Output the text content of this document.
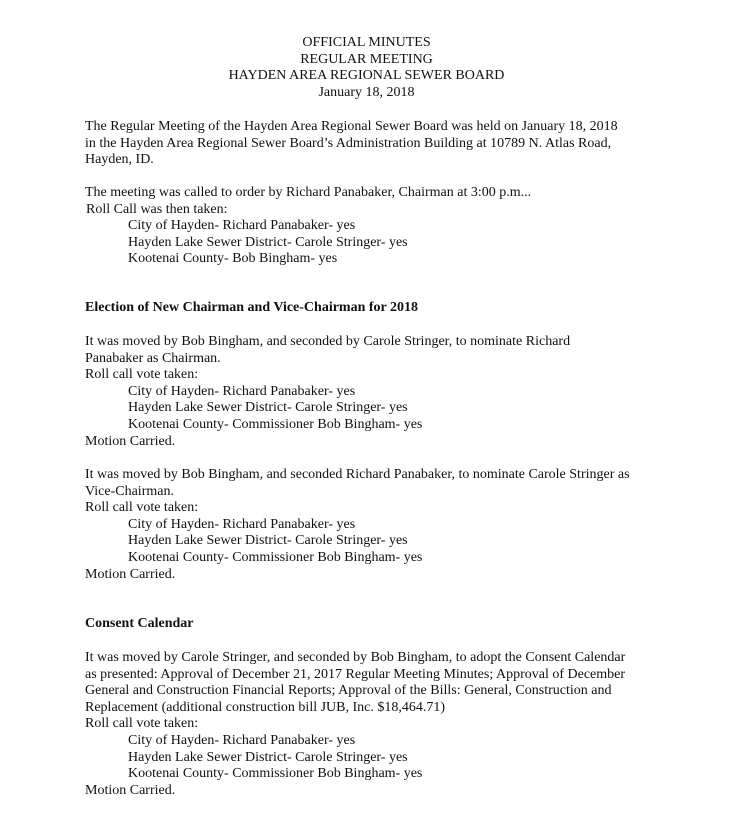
OFFICIAL MINUTES
REGULAR MEETING
HAYDEN AREA REGIONAL SEWER BOARD
January 18, 2018
The Regular Meeting of the Hayden Area Regional Sewer Board was held on January 18, 2018
in the Hayden Area Regional Sewer Board’s Administration Building at 10789 N. Atlas Road,
Hayden, ID.
The meeting was called to order by Richard Panabaker, Chairman at 3:00 p.m...
Roll Call was then taken:
City of Hayden- Richard Panabaker- yes
Hayden Lake Sewer District- Carole Stringer- yes
Kootenai County- Bob Bingham- yes
Election of New Chairman and Vice-Chairman for 2018
It was moved by Bob Bingham, and seconded by Carole Stringer, to nominate Richard
Panabaker as Chairman.
Roll call vote taken:
City of Hayden- Richard Panabaker- yes
Hayden Lake Sewer District- Carole Stringer- yes
Kootenai County- Commissioner Bob Bingham- yes
Motion Carried.
It was moved by Bob Bingham, and seconded Richard Panabaker, to nominate Carole Stringer as
Vice-Chairman.
Roll call vote taken:
City of Hayden- Richard Panabaker- yes
Hayden Lake Sewer District- Carole Stringer- yes
Kootenai County- Commissioner Bob Bingham- yes
Motion Carried.
Consent Calendar
It was moved by Carole Stringer, and seconded by Bob Bingham, to adopt the Consent Calendar
as presented: Approval of December 21, 2017 Regular Meeting Minutes; Approval of December
General and Construction Financial Reports; Approval of the Bills: General, Construction and
Replacement (additional construction bill JUB, Inc. $18,464.71)
Roll call vote taken:
City of Hayden- Richard Panabaker- yes
Hayden Lake Sewer District- Carole Stringer- yes
Kootenai County- Commissioner Bob Bingham- yes
Motion Carried.
